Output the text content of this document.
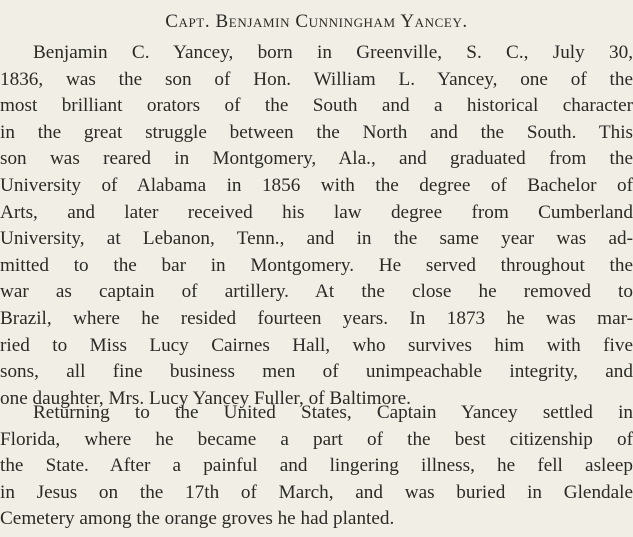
Capt. Benjamin Cunningham Yancey.
Benjamin C. Yancey, born in Greenville, S. C., July 30,
1836, was the son of Hon. William L. Yancey, one of the
most brilliant orators of the South and a historical character
in the great struggle between the North and the South. This
son was reared in Montgomery, Ala., and graduated from the
University of Alabama in 1856 with the degree of Bachelor of
Arts, and later received his law degree from Cumberland
University, at Lebanon, Tenn., and in the same year was ad-
mitted to the bar in Montgomery. He served throughout the
war as captain of artillery. At the close he removed to
Brazil, where he resided fourteen years. In 1873 he was mar-
ried to Miss Lucy Cairnes Hall, who survives him with five
sons, all fine business men of unimpeachable integrity, and
one daughter, Mrs. Lucy Yancey Fuller, of Baltimore.
Returning to the United States, Captain Yancey settled in
Florida, where he became a part of the best citizenship of
the State. After a painful and lingering illness, he fell asleep
in Jesus on the 17th of March, and was buried in Glendale
Cemetery among the orange groves he had planted.
